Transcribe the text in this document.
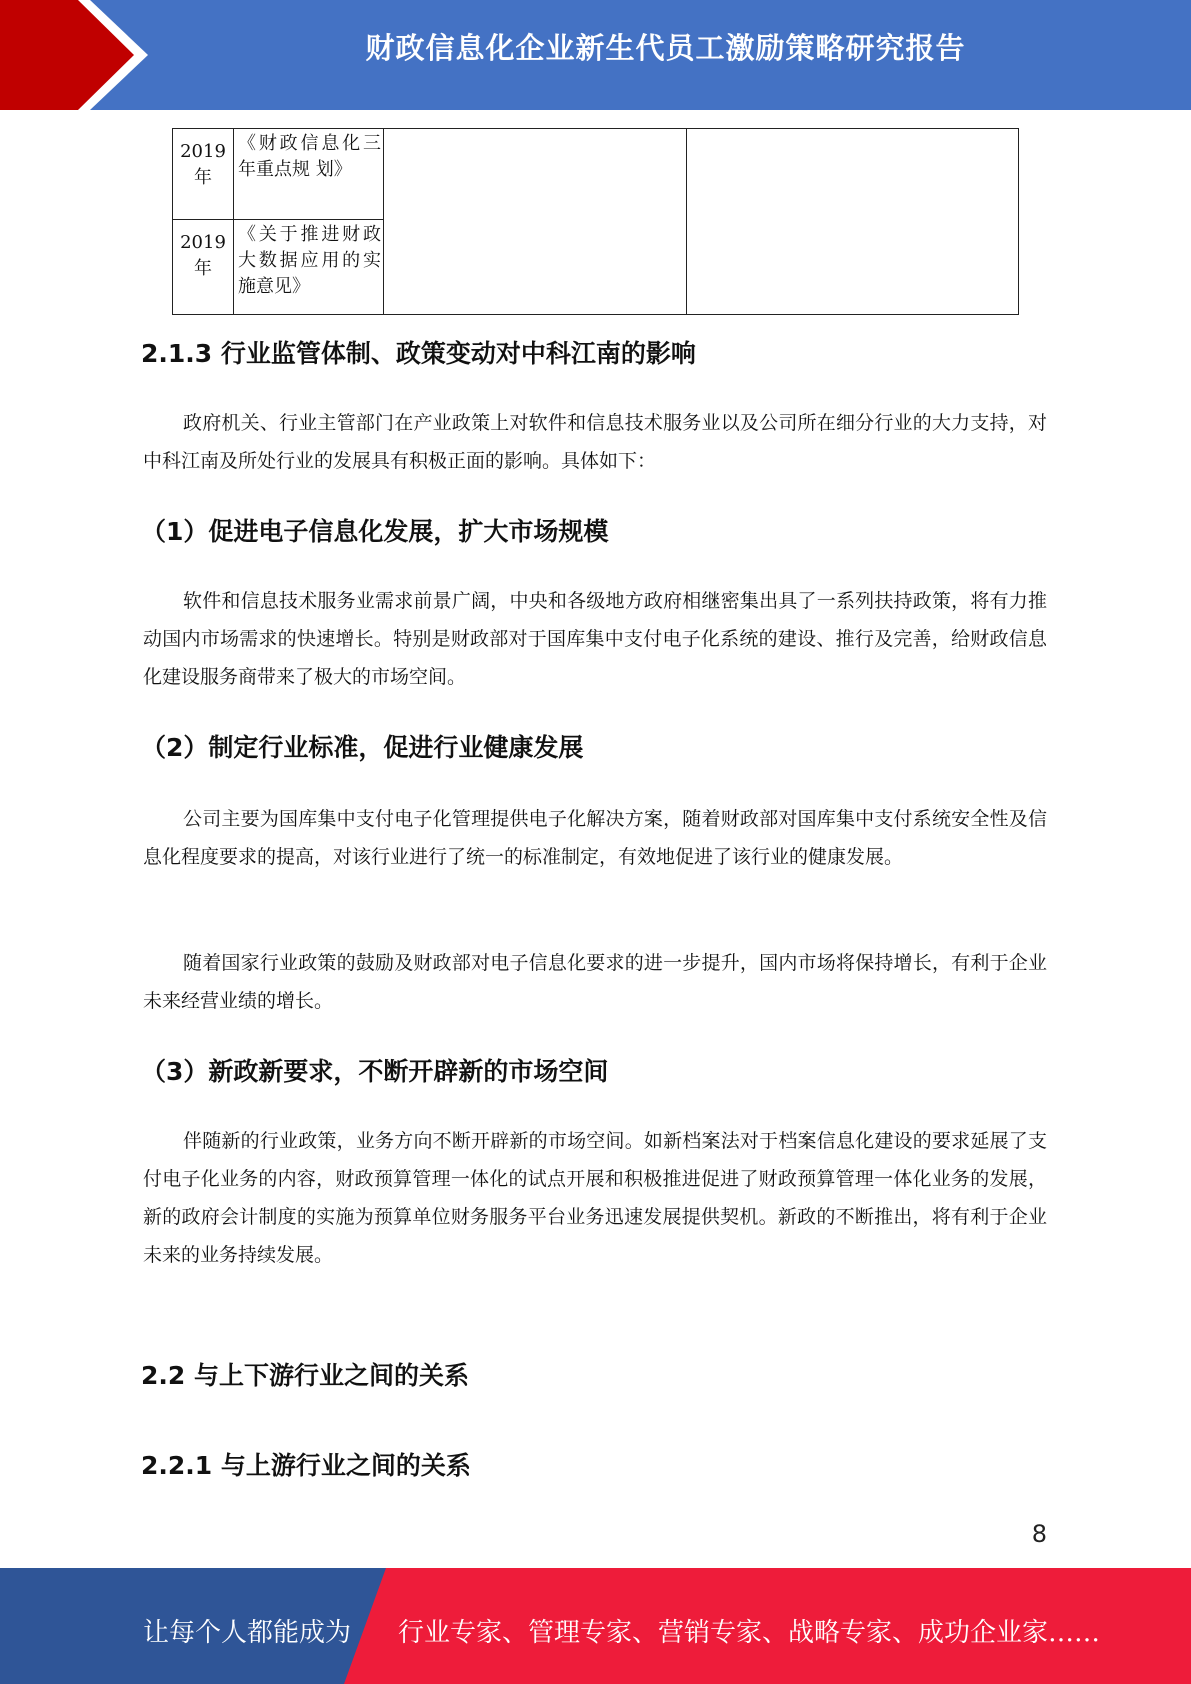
财政信息化企业新生代员工激励策略研究报告
2019 年	《财政信息化三年重点规 划》		
2019 年	《关于推进财政大数据应用的实施意见》		
2.1.3 行业监管体制、政策变动对中科江南的影响

政府机关、行业主管部门在产业政策上对软件和信息技术服务业以及公司所在细分行业的大力支持，对中科江南及所处行业的发展具有积极正面的影响。具体如下：

（1）促进电子信息化发展，扩大市场规模

软件和信息技术服务业需求前景广阔，中央和各级地方政府相继密集出具了一系列扶持政策，将有力推动国内市场需求的快速增长。特别是财政部对于国库集中支付电子化系统的建设、推行及完善，给财政信息化建设服务商带来了极大的市场空间。

（2）制定行业标准，促进行业健康发展

公司主要为国库集中支付电子化管理提供电子化解决方案，随着财政部对国库集中支付系统安全性及信息化程度要求的提高，对该行业进行了统一的标准制定，有效地促进了该行业的健康发展。

随着国家行业政策的鼓励及财政部对电子信息化要求的进一步提升，国内市场将保持增长，有利于企业未来经营业绩的增长。

（3）新政新要求，不断开辟新的市场空间

伴随新的行业政策，业务方向不断开辟新的市场空间。如新档案法对于档案信息化建设的要求延展了支付电子化业务的内容，财政预算管理一体化的试点开展和积极推进促进了财政预算管理一体化业务的发展，新的政府会计制度的实施为预算单位财务服务平台业务迅速发展提供契机。新政的不断推出，将有利于企业未来的业务持续发展。

2.2 与上下游行业之间的关系
2.2.1 与上游行业之间的关系
8
让每个人都能成为 行业专家、管理专家、营销专家、战略专家、成功企业家……
